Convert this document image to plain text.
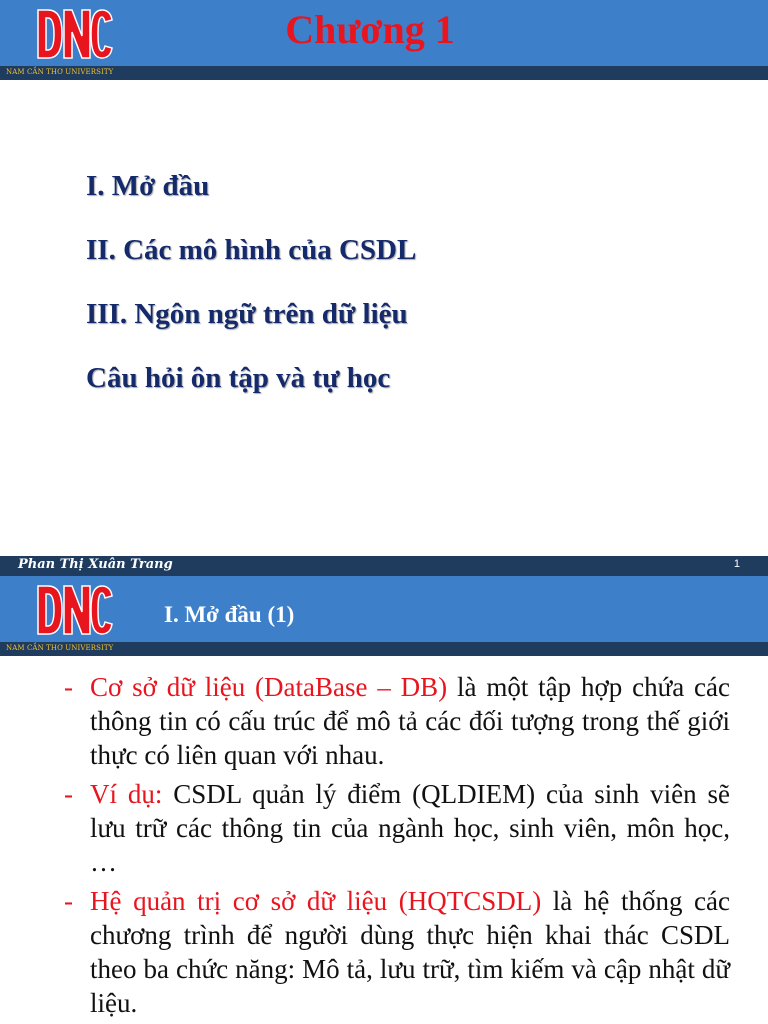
NAM CẦN THƠ UNIVERSITY
Chương 1
I. Mở đầu
II. Các mô hình của CSDL
III. Ngôn ngữ trên dữ liệu
Câu hỏi ôn tập và tự học
Phan Thị Xuân Trang	1
NAM CẦN THƠ UNIVERSITY
I. Mở đầu (1)
- Cơ sở dữ liệu (DataBase – DB) là một tập hợp chứa các thông tin có cấu trúc để mô tả các đối tượng trong thế giới thực có liên quan với nhau.
- Ví dụ: CSDL quản lý điểm (QLDIEM) của sinh viên sẽ lưu trữ các thông tin của ngành học, sinh viên, môn học, …
- Hệ quản trị cơ sở dữ liệu (HQTCSDL) là hệ thống các chương trình để người dùng thực hiện khai thác CSDL theo ba chức năng: Mô tả, lưu trữ, tìm kiếm và cập nhật dữ liệu.
